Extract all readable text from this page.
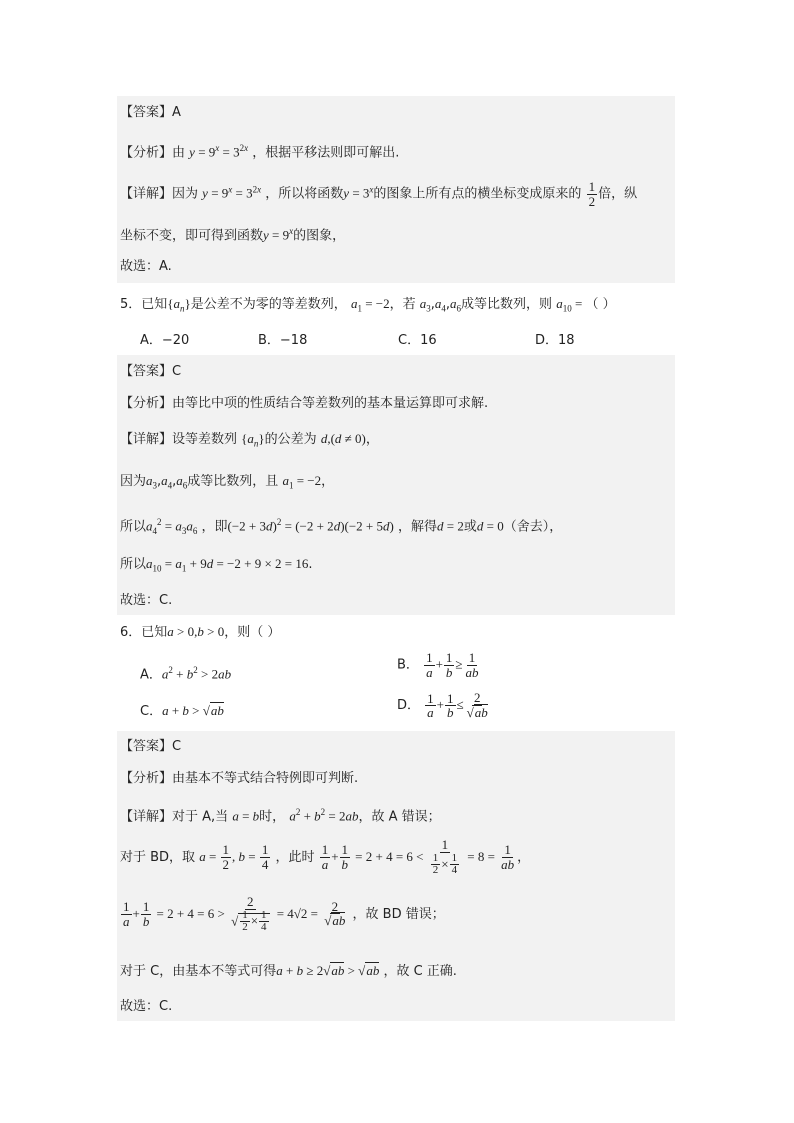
【答案】A
【分析】由 $y = 9^x = 3^{2x}$ ，根据平移法则即可解出.
【详解】因为 $y = 9^x = 3^{2x}$ ，所以将函数$y = 3^x$的图象上所有点的横坐标变成原来的 $\frac{1}{2}$ 倍，纵
坐标不变，即可得到函数$y = 9^x$的图象，
故选：A.
5．已知$\{a_n\}$是公差不为零的等差数列， $a_1 = -2$，若 $a_3,a_4,a_6$成等比数列，则 $a_{10}$ = （ ）
A．−20	B．−18	C．16	D．18
【答案】C
【分析】由等比中项的性质结合等差数列的基本量运算即可求解.
【详解】设等差数列 $\{a_n\}$的公差为 d,(d ≠ 0)，
因为$a_3,a_4,a_6$成等比数列，且 $a_1 = -2$，
所以$a_4^2 = a_3a_6$ ，即$(-2 + 3d)^2 = (-2 + 2d)(-2 + 5d)$ ，解得d = 2或d = 0（舍去），
所以$a_{10} = a_1 + 9d = -2 + 9 \times 2 = 16$.
故选：C.
6．已知a > 0,b > 0，则（ ）
A．$a^2 + b^2 > 2ab$
B． $\frac{1}{a} + \frac{1}{b} \ge \frac{1}{ab}$
C．a + b > √ab	D． $\frac{1}{a} + \frac{1}{b} \le \frac{2}{√ab}$
【答案】C
【分析】由基本不等式结合特例即可判断.
【详解】对于 A,当 a = b时， $a^2 + b^2 = 2ab$，故 A 错误；
对于 BD，取 $a = \frac{1}{2}$ , $b = \frac{1}{4}$ ，此时 $\frac{1}{a} + \frac{1}{b} = 2 + 4 = 6 < \frac{1}{\frac{1}{2} \times \frac{1}{4}} = 8 = \frac{1}{ab}$ ，
$\frac{1}{a} + \frac{1}{b} = 2 + 4 = 6 > \frac{2}{√ \frac{1}{2} \times \frac{1}{4}} = 4√2 = \frac{2}{√ab}$ ，故 BD 错误；
对于 C，由基本不等式可得a + b ≥ 2√ab > √ab ，故 C 正确.
故选：C.
